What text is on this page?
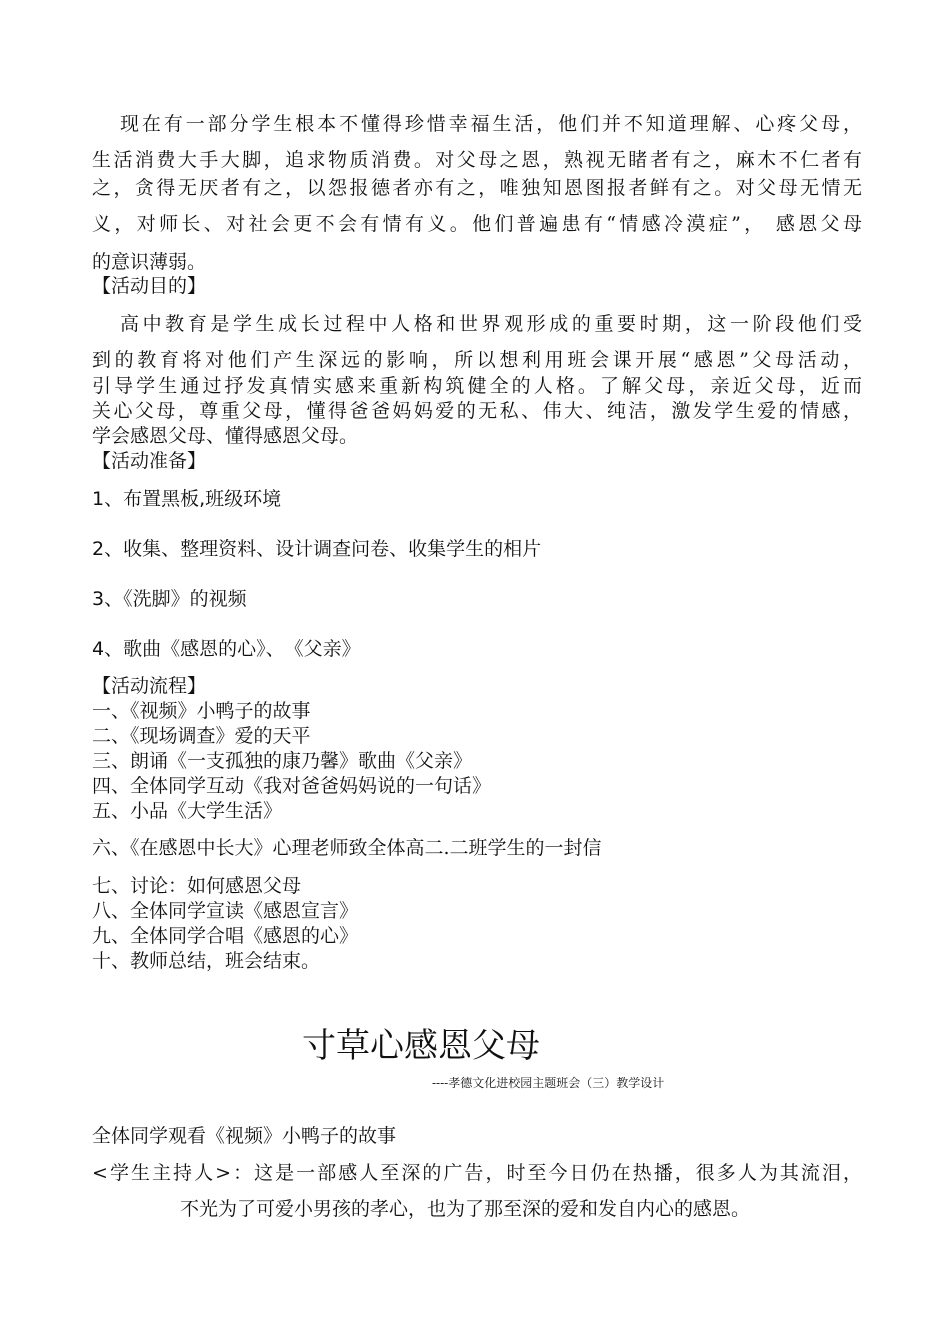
现在有一部分学生根本不懂得珍惜幸福生活，他们并不知道理解、心疼父母，
生活消费大手大脚，追求物质消费。对父母之恩，熟视无睹者有之，麻木不仁者有
之，贪得无厌者有之，以怨报德者亦有之，唯独知恩图报者鲜有之。对父母无情无
义，对师长、对社会更不会有情有义。他们普遍患有“情感冷漠症”， 感恩父母
的意识薄弱。
【活动目的】
高中教育是学生成长过程中人格和世界观形成的重要时期，这一阶段他们受
到的教育将对他们产生深远的影响，所以想利用班会课开展“感恩”父母活动，
引导学生通过抒发真情实感来重新构筑健全的人格。了解父母，亲近父母，近而
关心父母，尊重父母，懂得爸爸妈妈爱的无私、伟大、纯洁，激发学生爱的情感，
学会感恩父母、懂得感恩父母。
【活动准备】
1、布置黑板,班级环境
2、收集、整理资料、设计调查问卷、收集学生的相片
3、《洗脚》的视频
4、歌曲《感恩的心》、　《父亲》
【活动流程】
一、《视频》小鸭子的故事
二、《现场调查》爱的天平
三、朗诵《一支孤独的康乃馨》歌曲《父亲》
四、全体同学互动《我对爸爸妈妈说的一句话》
五、小品《大学生活》
六、《在感恩中长大》心理老师致全体高二.二班学生的一封信
七、讨论：如何感恩父母
八、全体同学宣读《感恩宣言》
九、全体同学合唱《感恩的心》
十、教师总结，班会结束。
寸草心感恩父母
----孝德文化进校园主题班会（三）教学设计
全体同学观看《视频》小鸭子的故事
<学生主持人>：这是一部感人至深的广告，时至今日仍在热播，很多人为其流泪，
不光为了可爱小男孩的孝心，也为了那至深的爱和发自内心的感恩。
